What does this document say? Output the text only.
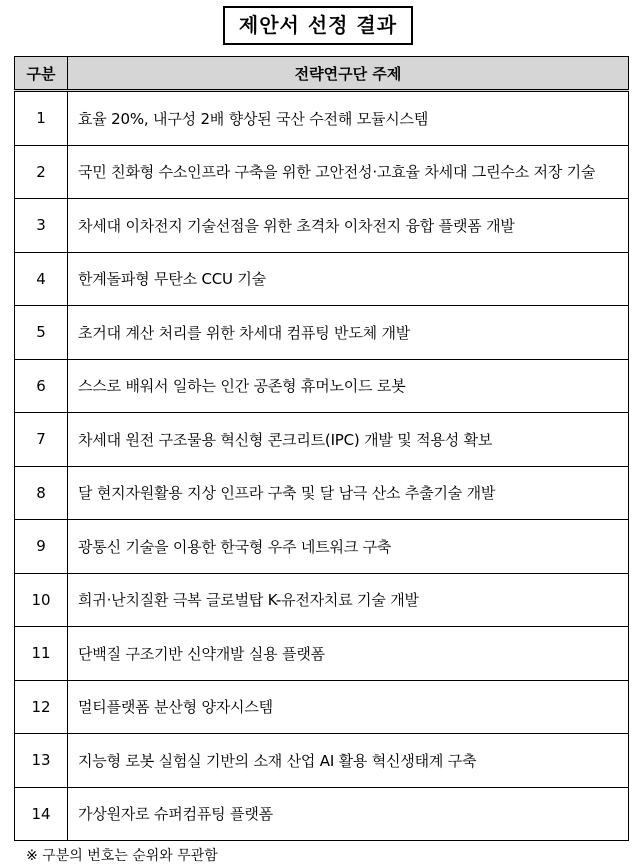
제안서 선정 결과
구분	전략연구단 주제
1	효율 20%, 내구성 2배 향상된 국산 수전해 모듈시스템
2	국민 친화형 수소인프라 구축을 위한 고안전성·고효율 차세대 그린수소 저장 기술
3	차세대 이차전지 기술선점을 위한 초격차 이차전지 융합 플랫폼 개발
4	한계돌파형 무탄소 CCU 기술
5	초거대 계산 처리를 위한 차세대 컴퓨팅 반도체 개발
6	스스로 배워서 일하는 인간 공존형 휴머노이드 로봇
7	차세대 원전 구조물용 혁신형 콘크리트(IPC) 개발 및 적용성 확보
8	달 현지자원활용 지상 인프라 구축 및 달 남극 산소 추출기술 개발
9	광통신 기술을 이용한 한국형 우주 네트워크 구축
10	희귀·난치질환 극복 글로벌탑 K-유전자치료 기술 개발
11	단백질 구조기반 신약개발 실용 플랫폼
12	멀티플랫폼 분산형 양자시스템
13	지능형 로봇 실험실 기반의 소재 산업 AI 활용 혁신생태계 구축
14	가상원자로 슈퍼컴퓨팅 플랫폼
※ 구분의 번호는 순위와 무관함
